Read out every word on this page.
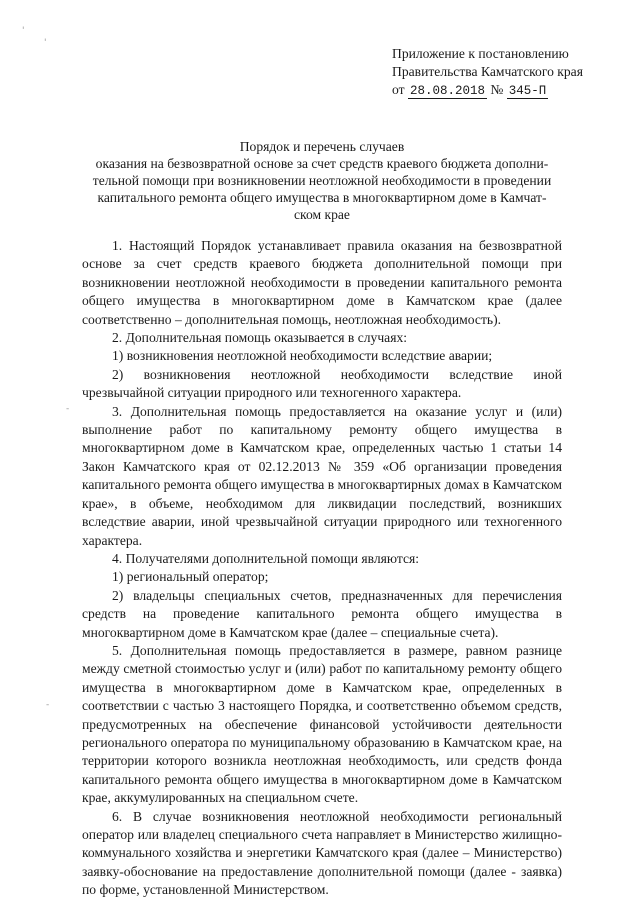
'
'
-
-
Приложение к постановлению
Правительства Камчатского края
от 28.08.2018 № 345-П
Порядок и перечень случаев
оказания на безвозвратной основе за счет средств краевого бюджета дополни-
тельной помощи при возникновении неотложной необходимости в проведении
капитального ремонта общего имущества в многоквартирном доме в Камчат-
ском крае

1. Настоящий Порядок устанавливает правила оказания на безвозвратной основе за счет средств краевого бюджета дополнительной помощи при возникновении неотложной необходимости в проведении капитального ремонта общего имущества в многоквартирном доме в Камчатском крае (далее соответственно – дополнительная помощь, неотложная необходимость).

2. Дополнительная помощь оказывается в случаях:

1) возникновения неотложной необходимости вследствие аварии;

2) возникновения неотложной необходимости вследствие иной чрезвычайной ситуации природного или техногенного характера.

3. Дополнительная помощь предоставляется на оказание услуг и (или) выполнение работ по капитальному ремонту общего имущества в многоквартирном доме в Камчатском крае, определенных частью 1 статьи 14 Закон Камчатского края от 02.12.2013 № 359 «Об организации проведения капитального ремонта общего имущества в многоквартирных домах в Камчатском крае», в объеме, необходимом для ликвидации последствий, возникших вследствие аварии, иной чрезвычайной ситуации природного или техногенного характера.

4. Получателями дополнительной помощи являются:

1) региональный оператор;

2) владельцы специальных счетов, предназначенных для перечисления средств на проведение капитального ремонта общего имущества в многоквартирном доме в Камчатском крае (далее – специальные счета).

5. Дополнительная помощь предоставляется в размере, равном разнице между сметной стоимостью услуг и (или) работ по капитальному ремонту общего имущества в многоквартирном доме в Камчатском крае, определенных в соответствии с частью 3 настоящего Порядка, и соответственно объемом средств, предусмотренных на обеспечение финансовой устойчивости деятельности регионального оператора по муниципальному образованию в Камчатском крае, на территории которого возникла неотложная необходимость, или средств фонда капитального ремонта общего имущества в многоквартирном доме в Камчатском крае, аккумулированных на специальном счете.

6. В случае возникновения неотложной необходимости региональный оператор или владелец специального счета направляет в Министерство жилищно-коммунального хозяйства и энергетики Камчатского края (далее – Министерство) заявку-обоснование на предоставление дополнительной помощи (далее - заявка) по форме, установленной Министерством.
